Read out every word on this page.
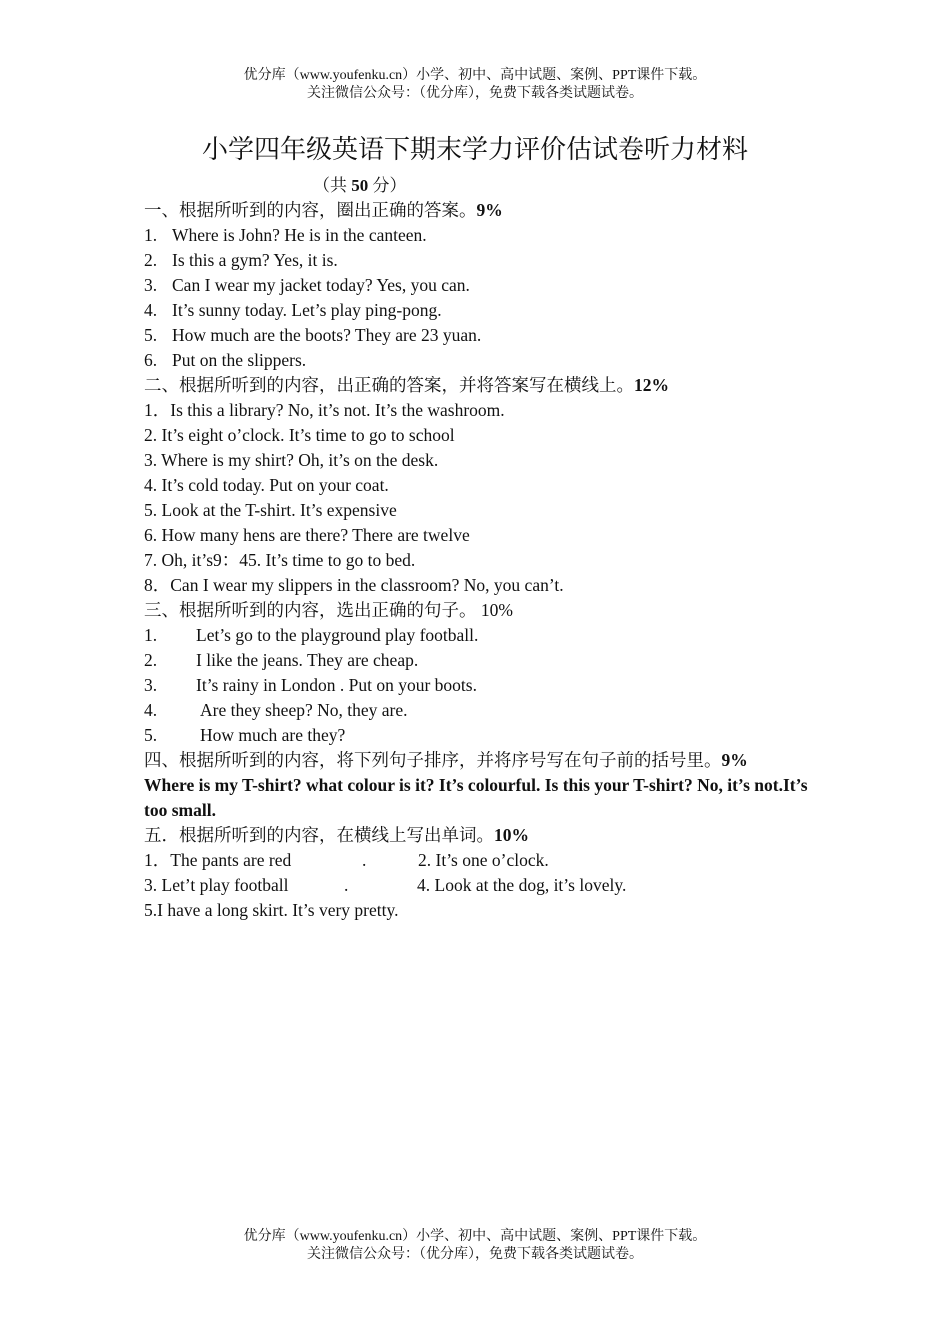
优分库（www.youfenku.cn）小学、初中、高中试题、案例、PPT课件下载。
关注微信公众号：（优分库），免费下载各类试题试卷。
小学四年级英语下期末学力评价估试卷听力材料
（共 50 分）
一、根据所听到的内容，圈出正确的答案。9%
1. Where is John? He is in the canteen.
2. Is this a gym? Yes, it is.
3. Can I wear my jacket today? Yes, you can.
4. It’s sunny today. Let’s play ping-pong.
5. How much are the boots? They are 23 yuan.
6. Put on the slippers.
二、根据所听到的内容，出正确的答案，并将答案写在横线上。12%
1．Is this a library? No, it’s not. It’s the washroom.
2. It’s eight o’clock. It’s time to go to school
3. Where is my shirt? Oh, it’s on the desk.
4. It’s cold today. Put on your coat.
5. Look at the T-shirt. It’s expensive
6. How many hens are there? There are twelve
7. Oh, it’s9：45. It’s time to go to bed.
8．Can I wear my slippers in the classroom? No, you can’t.
三、根据所听到的内容，选出正确的句子。 10%
1. Let’s go to the playground play football.
2. I like the jeans. They are cheap.
3. It’s rainy in London . Put on your boots.
4. Are they sheep? No, they are.
5. How much are they?
四、根据所听到的内容，将下列句子排序，并将序号写在句子前的括号里。9%
Where is my T-shirt? what colour is it? It’s colourful. Is this your T-shirt? No, it’s not.It’s too small.
五．根据所听到的内容，在横线上写出单词。10%
1．The pants are red	.	2. It’s one o’clock.
3. Let’t play football	.	4. Look at the dog, it’s lovely.
5.I have a long skirt. It’s very pretty.
优分库（www.youfenku.cn）小学、初中、高中试题、案例、PPT课件下载。
关注微信公众号：（优分库），免费下载各类试题试卷。
